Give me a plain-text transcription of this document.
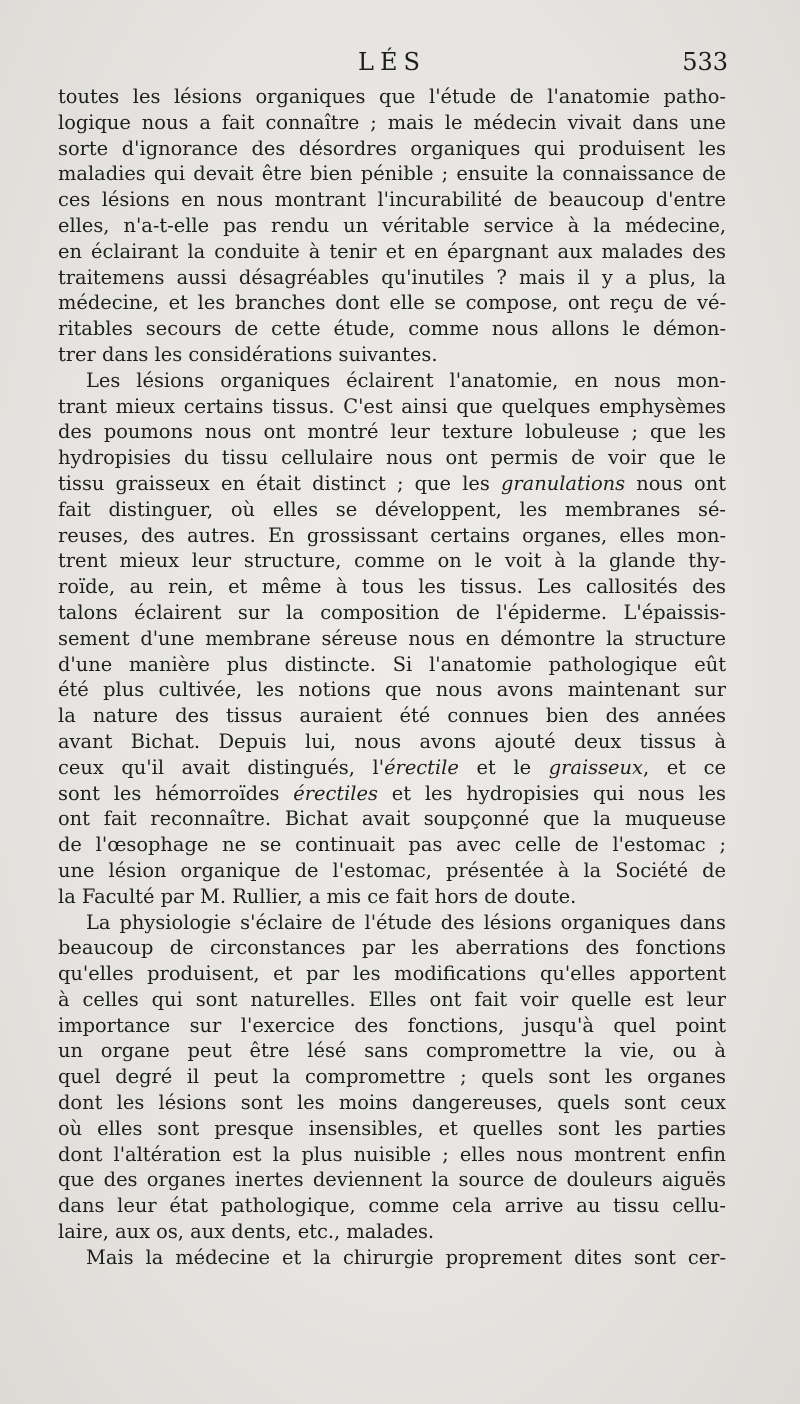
LÉS	533
toutes les lésions organiques que l'étude de l'anatomie patho-
logique nous a fait connaître ; mais le médecin vivait dans une
sorte d'ignorance des désordres organiques qui produisent les
maladies qui devait être bien pénible ; ensuite la connaissance de
ces lésions en nous montrant l'incurabilité de beaucoup d'entre
elles, n'a-t-elle pas rendu un véritable service à la médecine,
en éclairant la conduite à tenir et en épargnant aux malades des
traitemens aussi désagréables qu'inutiles ? mais il y a plus, la
médecine, et les branches dont elle se compose, ont reçu de vé-
ritables secours de cette étude, comme nous allons le démon-
trer dans les considérations suivantes.
Les lésions organiques éclairent l'anatomie, en nous mon-
trant mieux certains tissus. C'est ainsi que quelques emphysèmes
des poumons nous ont montré leur texture lobuleuse ; que les
hydropisies du tissu cellulaire nous ont permis de voir que le
tissu graisseux en était distinct ; que les granulations nous ont
fait distinguer, où elles se développent, les membranes sé-
reuses, des autres. En grossissant certains organes, elles mon-
trent mieux leur structure, comme on le voit à la glande thy-
roïde, au rein, et même à tous les tissus. Les callosités des
talons éclairent sur la composition de l'épiderme. L'épaissis-
sement d'une membrane séreuse nous en démontre la structure
d'une manière plus distincte. Si l'anatomie pathologique eût
été plus cultivée, les notions que nous avons maintenant sur
la nature des tissus auraient été connues bien des années
avant Bichat. Depuis lui, nous avons ajouté deux tissus à
ceux qu'il avait distingués, l'érectile et le graisseux, et ce
sont les hémorroïdes érectiles et les hydropisies qui nous les
ont fait reconnaître. Bichat avait soupçonné que la muqueuse
de l'œsophage ne se continuait pas avec celle de l'estomac ;
une lésion organique de l'estomac, présentée à la Société de
la Faculté par M. Rullier, a mis ce fait hors de doute.
La physiologie s'éclaire de l'étude des lésions organiques dans
beaucoup de circonstances par les aberrations des fonctions
qu'elles produisent, et par les modifications qu'elles apportent
à celles qui sont naturelles. Elles ont fait voir quelle est leur
importance sur l'exercice des fonctions, jusqu'à quel point
un organe peut être lésé sans compromettre la vie, ou à
quel degré il peut la compromettre ; quels sont les organes
dont les lésions sont les moins dangereuses, quels sont ceux
où elles sont presque insensibles, et quelles sont les parties
dont l'altération est la plus nuisible ; elles nous montrent enfin
que des organes inertes deviennent la source de douleurs aiguës
dans leur état pathologique, comme cela arrive au tissu cellu-
laire, aux os, aux dents, etc., malades.
Mais la médecine et la chirurgie proprement dites sont cer-
